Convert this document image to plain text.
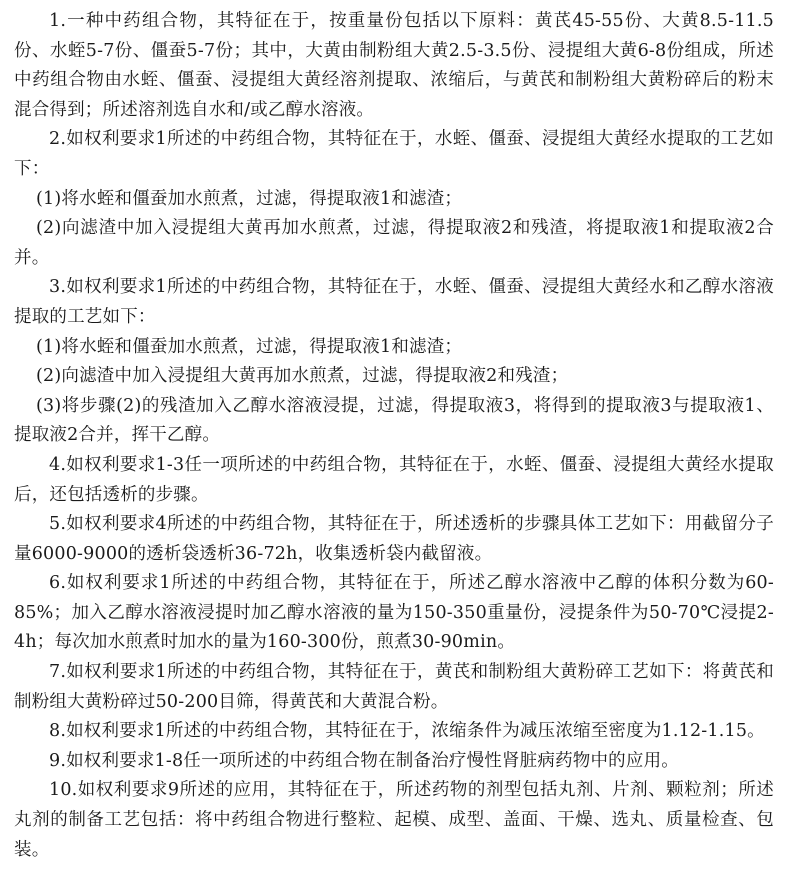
1.一种中药组合物，其特征在于，按重量份包括以下原料：黄芪45-55份、大黄8.5-11.5份、水蛭5-7份、僵蚕5-7份；其中，大黄由制粉组大黄2.5-3.5份、浸提组大黄6-8份组成，所述中药组合物由水蛭、僵蚕、浸提组大黄经溶剂提取、浓缩后，与黄芪和制粉组大黄粉碎后的粉末混合得到；所述溶剂选自水和/或乙醇水溶液。

2.如权利要求1所述的中药组合物，其特征在于，水蛭、僵蚕、浸提组大黄经水提取的工艺如下：

(1)将水蛭和僵蚕加水煎煮，过滤，得提取液1和滤渣；

(2)向滤渣中加入浸提组大黄再加水煎煮，过滤，得提取液2和残渣，将提取液1和提取液2合并。

3.如权利要求1所述的中药组合物，其特征在于，水蛭、僵蚕、浸提组大黄经水和乙醇水溶液提取的工艺如下：

(1)将水蛭和僵蚕加水煎煮，过滤，得提取液1和滤渣；

(2)向滤渣中加入浸提组大黄再加水煎煮，过滤，得提取液2和残渣；

(3)将步骤(2)的残渣加入乙醇水溶液浸提，过滤，得提取液3，将得到的提取液3与提取液1、提取液2合并，挥干乙醇。

4.如权利要求1-3任一项所述的中药组合物，其特征在于，水蛭、僵蚕、浸提组大黄经水提取后，还包括透析的步骤。

5.如权利要求4所述的中药组合物，其特征在于，所述透析的步骤具体工艺如下：用截留分子量6000-9000的透析袋透析36-72h，收集透析袋内截留液。

6.如权利要求1所述的中药组合物，其特征在于，所述乙醇水溶液中乙醇的体积分数为60-85%；加入乙醇水溶液浸提时加乙醇水溶液的量为150-350重量份，浸提条件为50-70℃浸提2-4h；每次加水煎煮时加水的量为160-300份，煎煮30-90min。

7.如权利要求1所述的中药组合物，其特征在于，黄芪和制粉组大黄粉碎工艺如下：将黄芪和制粉组大黄粉碎过50-200目筛，得黄芪和大黄混合粉。

8.如权利要求1所述的中药组合物，其特征在于，浓缩条件为减压浓缩至密度为1.12-1.15。

9.如权利要求1-8任一项所述的中药组合物在制备治疗慢性肾脏病药物中的应用。

10.如权利要求9所述的应用，其特征在于，所述药物的剂型包括丸剂、片剂、颗粒剂；所述丸剂的制备工艺包括：将中药组合物进行整粒、起模、成型、盖面、干燥、选丸、质量检查、包装。
